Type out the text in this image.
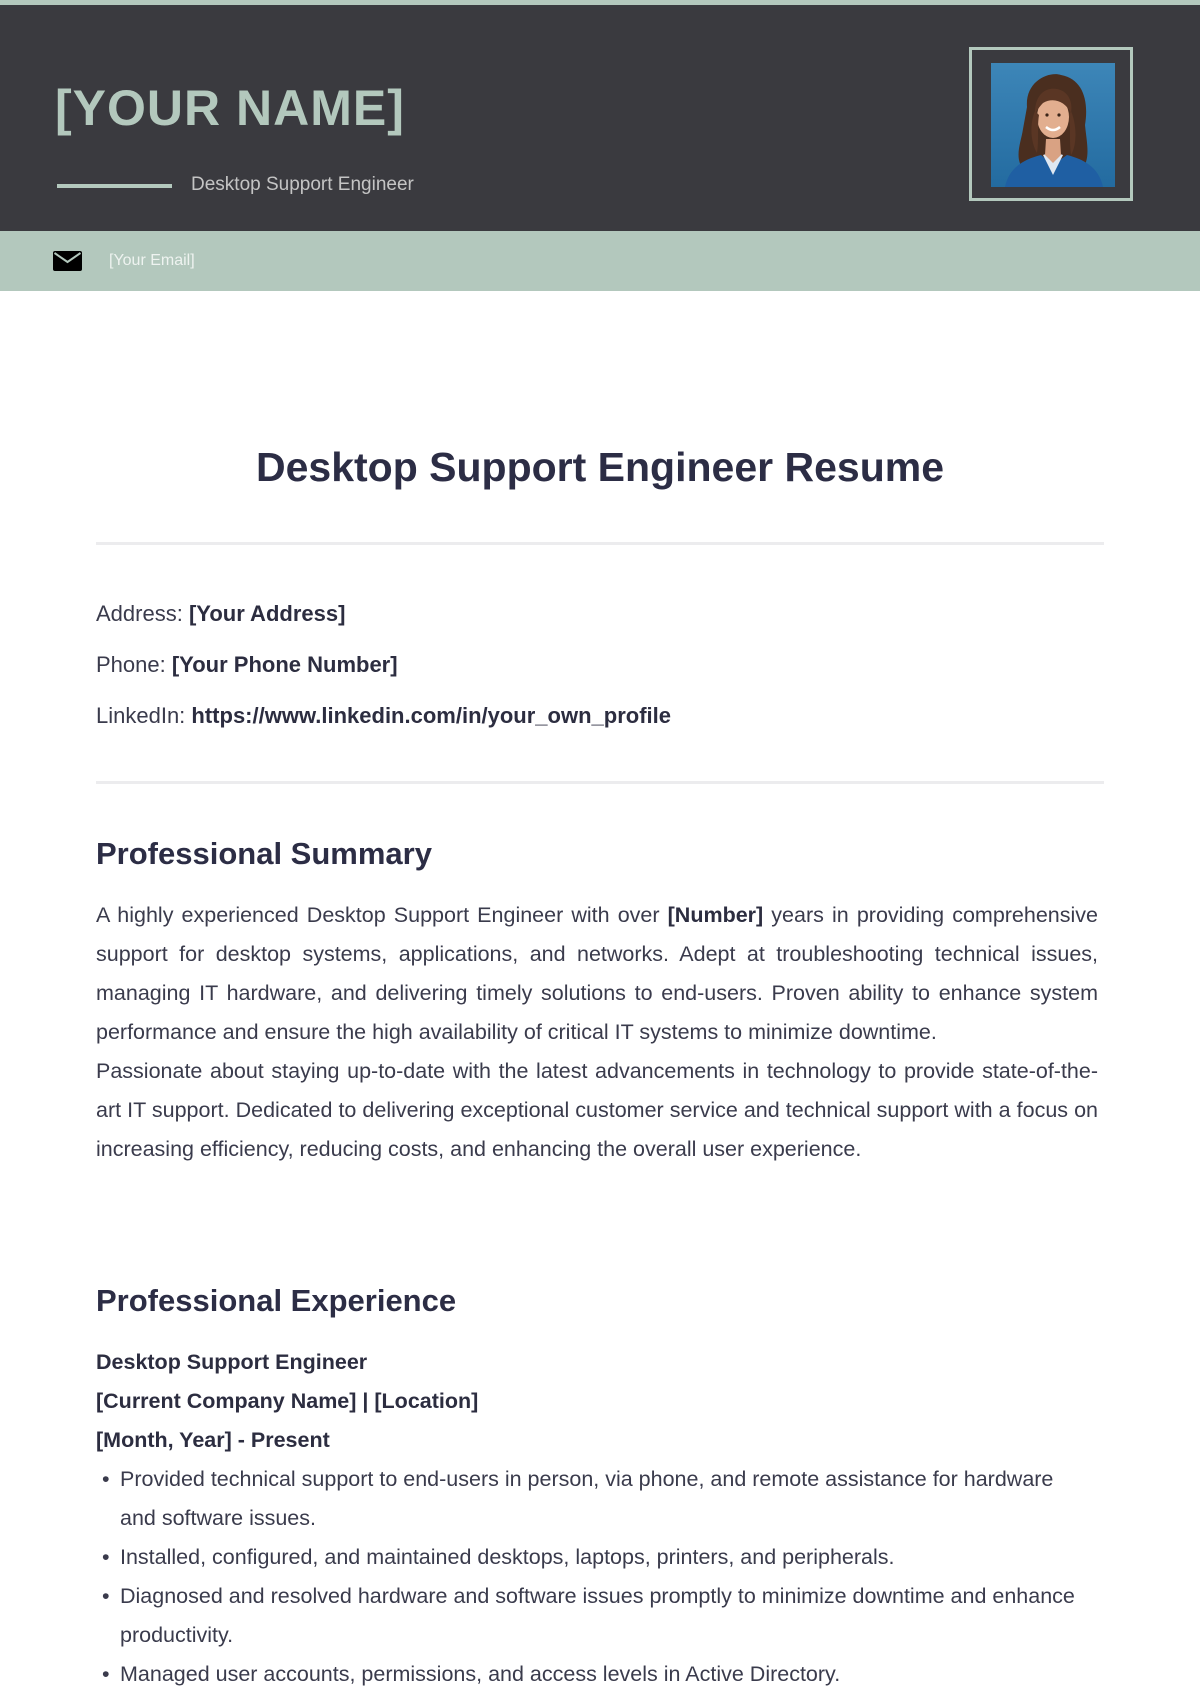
[YOUR NAME]
Desktop Support Engineer
[Your Email]
Desktop Support Engineer Resume
Address: [Your Address]
Phone: [Your Phone Number]
LinkedIn: https://www.linkedin.com/in/your_own_profile
Professional Summary

A highly experienced Desktop Support Engineer with over [Number] years in providing comprehensive support for desktop systems, applications, and networks. Adept at troubleshooting technical issues, managing IT hardware, and delivering timely solutions to end-users. Proven ability to enhance system performance and ensure the high availability of critical IT systems to minimize downtime.

Passionate about staying up-to-date with the latest advancements in technology to provide state-of-the-art IT support. Dedicated to delivering exceptional customer service and technical support with a focus on increasing efficiency, reducing costs, and enhancing the overall user experience.

Professional Experience
Desktop Support Engineer
[Current Company Name] | [Location]
[Month, Year] - Present
• Provided technical support to end-users in person, via phone, and remote assistance for hardware and software issues.
• Installed, configured, and maintained desktops, laptops, printers, and peripherals.
• Diagnosed and resolved hardware and software issues promptly to minimize downtime and enhance productivity.
• Managed user accounts, permissions, and access levels in Active Directory.
